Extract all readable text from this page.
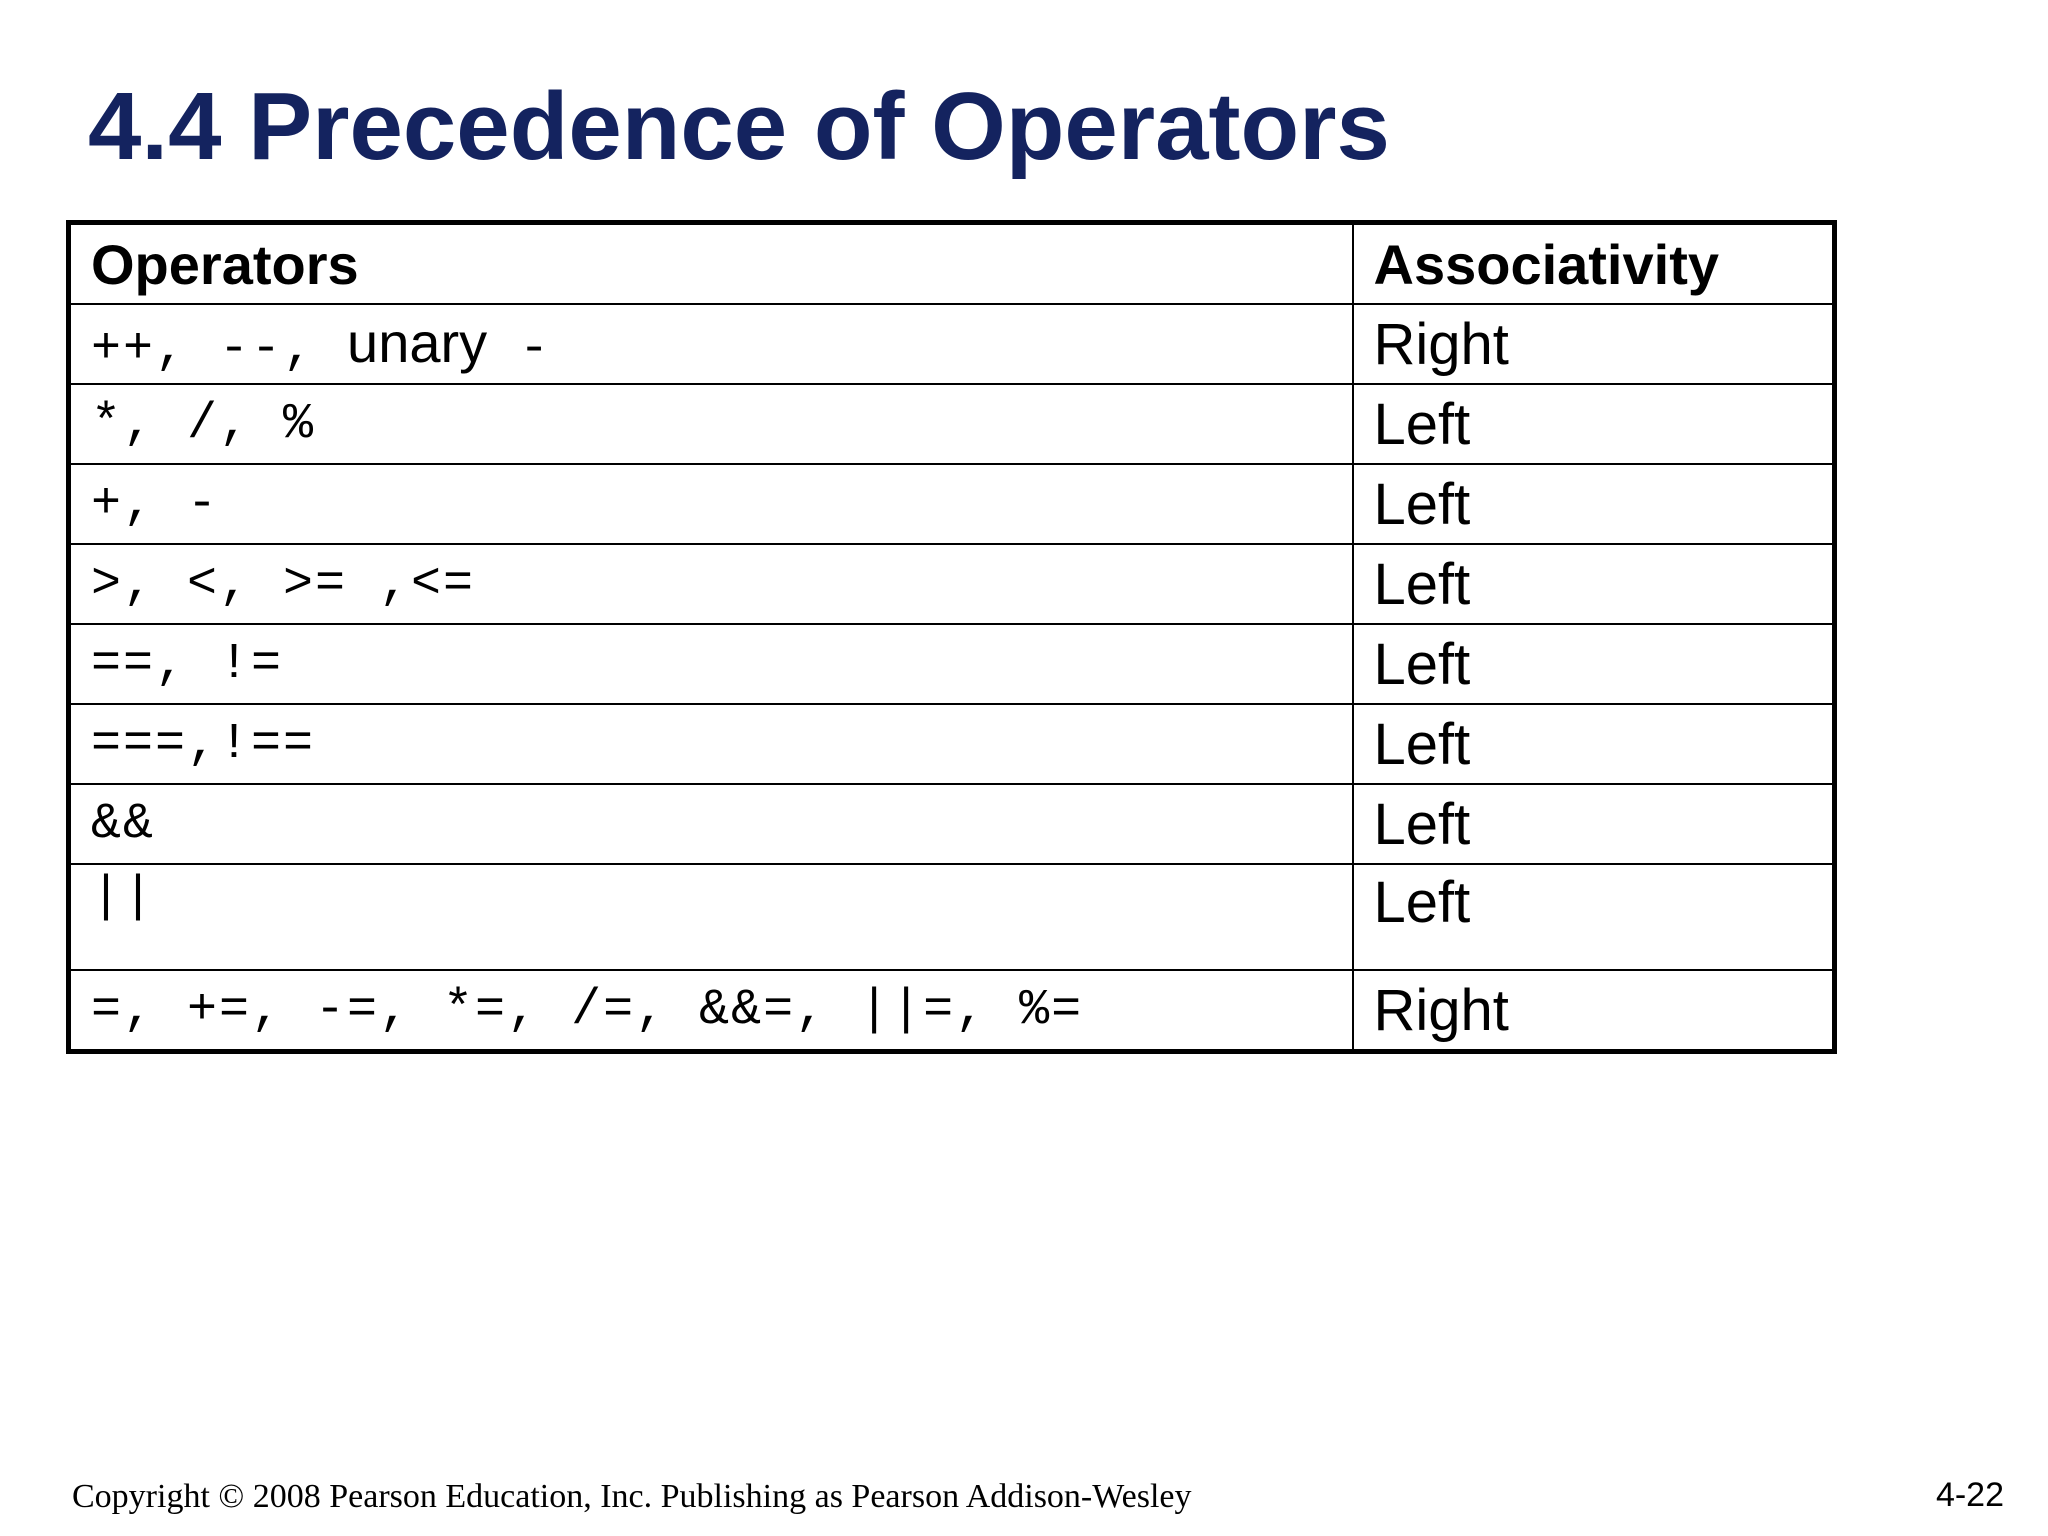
4.4 Precedence of Operators
Operators	Associativity
++, --, unary -	Right
*, /, %	Left
+, -	Left
>, <, >= ,<=	Left
==, !=	Left
===,!==	Left
&&	Left
||	Left
=, +=, -=, *=, /=, &&=, ||=, %=	Right
Copyright © 2008 Pearson Education, Inc. Publishing as Pearson Addison-Wesley	4-22
